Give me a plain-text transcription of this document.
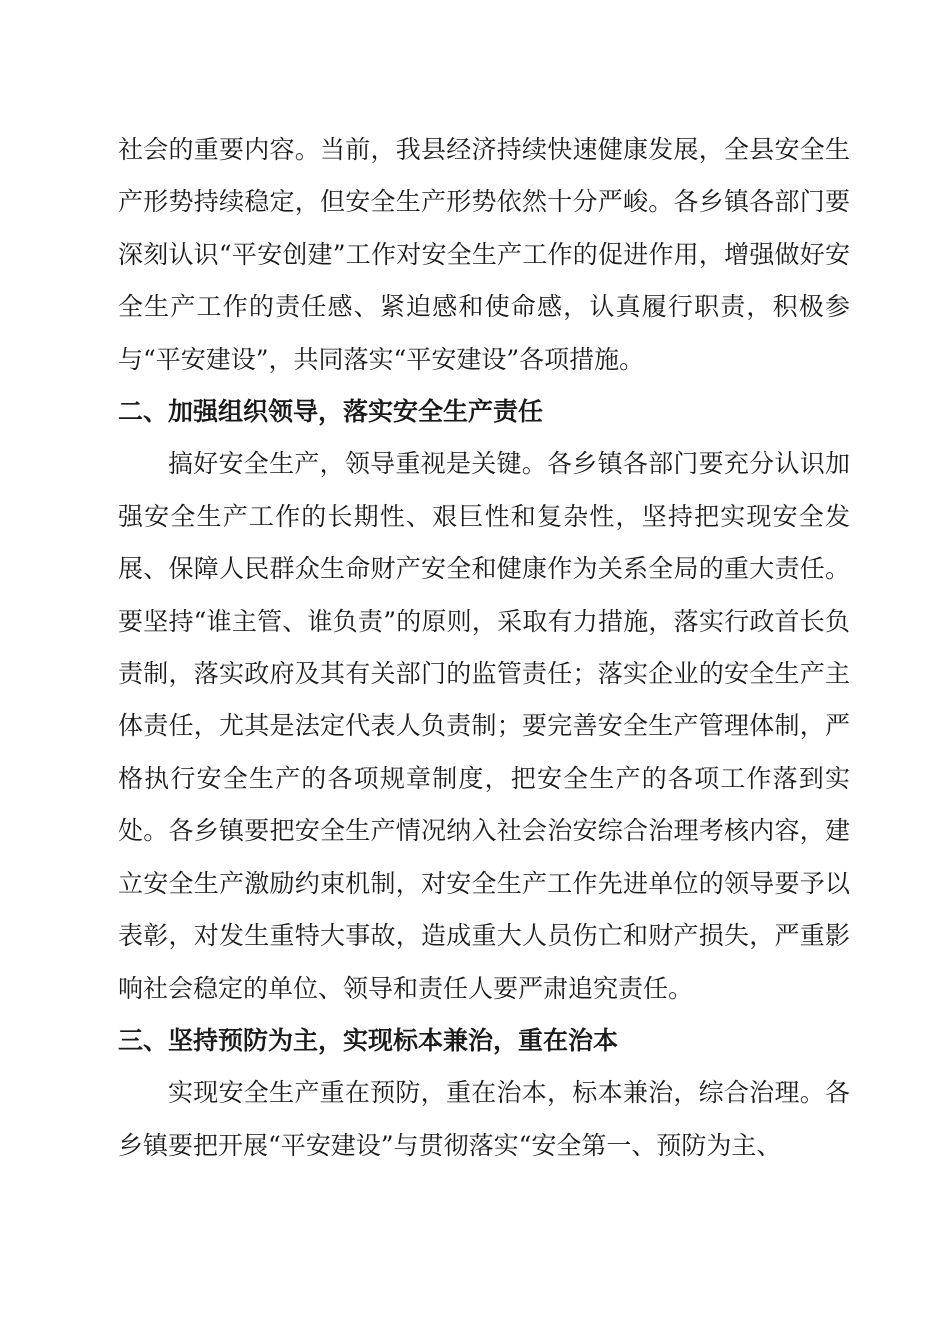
社会的重要内容。当前，我县经济持续快速健康发展，全县安全生产形势持续稳定，但安全生产形势依然十分严峻。各乡镇各部门要深刻认识“平安创建”工作对安全生产工作的促进作用，增强做好安全生产工作的责任感、紧迫感和使命感，认真履行职责，积极参与“平安建设”，共同落实“平安建设”各项措施。

二、加强组织领导，落实安全生产责任

搞好安全生产，领导重视是关键。各乡镇各部门要充分认识加强安全生产工作的长期性、艰巨性和复杂性，坚持把实现安全发展、保障人民群众生命财产安全和健康作为关系全局的重大责任。要坚持“谁主管、谁负责”的原则，采取有力措施，落实行政首长负责制，落实政府及其有关部门的监管责任；落实企业的安全生产主体责任，尤其是法定代表人负责制；要完善安全生产管理体制，严格执行安全生产的各项规章制度，把安全生产的各项工作落到实处。各乡镇要把安全生产情况纳入社会治安综合治理考核内容，建立安全生产激励约束机制，对安全生产工作先进单位的领导要予以表彰，对发生重特大事故，造成重大人员伤亡和财产损失，严重影响社会稳定的单位、领导和责任人要严肃追究责任。

三、坚持预防为主，实现标本兼治，重在治本

实现安全生产重在预防，重在治本，标本兼治，综合治理。各乡镇要把开展“平安建设”与贯彻落实“安全第一、预防为主、
